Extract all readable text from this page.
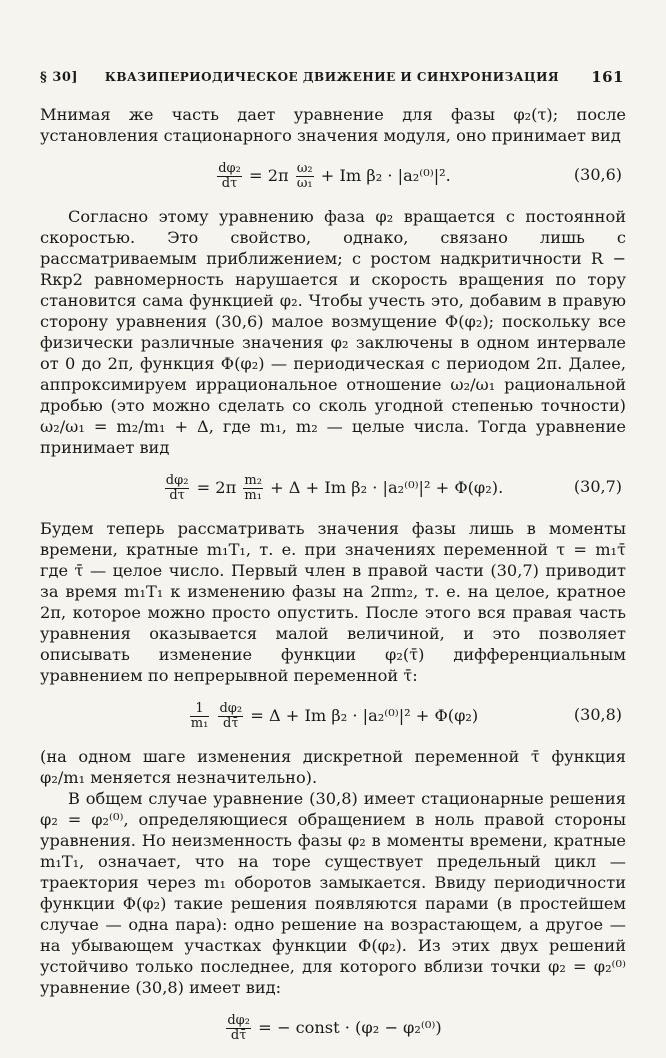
§ 30]	КВАЗИПЕРИОДИЧЕСКОЕ ДВИЖЕНИЕ И СИНХРОНИЗАЦИЯ	161

Мнимая же часть дает уравнение для фазы φ₂(τ); после установления стационарного значения модуля, оно принимает вид

$\frac{\text{dφ₂}}{d\tau} = 2\pi \frac{\text{ω₂}}{\text{ω₁}} + Im$ β₂ · |a₂⁽⁰⁾|².	(30,6)

Согласно этому уравнению фаза φ₂ вращается с постоянной скоростью. Это свойство, однако, связано лишь с рассматриваемым приближением; с ростом надкритичности R − Rкр2 равномерность нарушается и скорость вращения по тору становится сама функцией φ₂. Чтобы учесть это, добавим в правую сторону уравнения (30,6) малое возмущение Φ(φ₂); поскольку все физически различные значения φ₂ заключены в одном интервале от 0 до 2π, функция Φ(φ₂) — периодическая с периодом 2π. Далее, аппроксимируем иррациональное отношение ω₂/ω₁ рациональной дробью (это можно сделать со сколь угодной степенью точности) ω₂/ω₁ = m₂/m₁ + Δ, где m₁, m₂ — целые числа. Тогда уравнение принимает вид

$\frac{\text{dφ₂}}{d\tau} = 2\pi \frac{\text{m₂}}{\text{m₁}} + \Delta + Im$ β₂ · |a₂⁽⁰⁾|² + Φ(φ₂).	(30,7)

Будем теперь рассматривать значения фазы лишь в моменты времени, кратные m₁T₁, т. е. при значениях переменной τ = m₁τ̄ где τ̄ — целое число. Первый член в правой части (30,7) приводит за время m₁T₁ к изменению фазы на 2πm₂, т. е. на целое, кратное 2π, которое можно просто опустить. После этого вся правая часть уравнения оказывается малой величиной, и это позволяет описывать изменение функции φ₂(τ̄) дифференциальным уравнением по непрерывной переменной τ̄:

$\frac{1}{\text{m₁}}$
$\frac{\text{dφ₂}}{d\taū} = \Delta + Im$ β₂ · |a₂⁽⁰⁾|² + Φ(φ₂)	(30,8)

(на одном шаге изменения дискретной переменной τ̄ функция φ₂/m₁ меняется незначительно).

В общем случае уравнение (30,8) имеет стационарные решения φ₂ = φ₂⁽⁰⁾, определяющиеся обращением в ноль правой стороны уравнения. Но неизменность фазы φ₂ в моменты времени, кратные m₁T₁, означает, что на торе существует предельный цикл — траектория через m₁ оборотов замыкается. Ввиду периодичности функции Φ(φ₂) такие решения появляются парами (в простейшем случае — одна пара): одно решение на возрастающем, а другое — на убывающем участках функции Φ(φ₂). Из этих двух решений устойчиво только последнее, для которого вблизи точки φ₂ = φ₂⁽⁰⁾ уравнение (30,8) имеет вид:

$\frac{\text{dφ₂}}{d\taū}$ = − const · (φ₂ − φ₂⁽⁰⁾)
